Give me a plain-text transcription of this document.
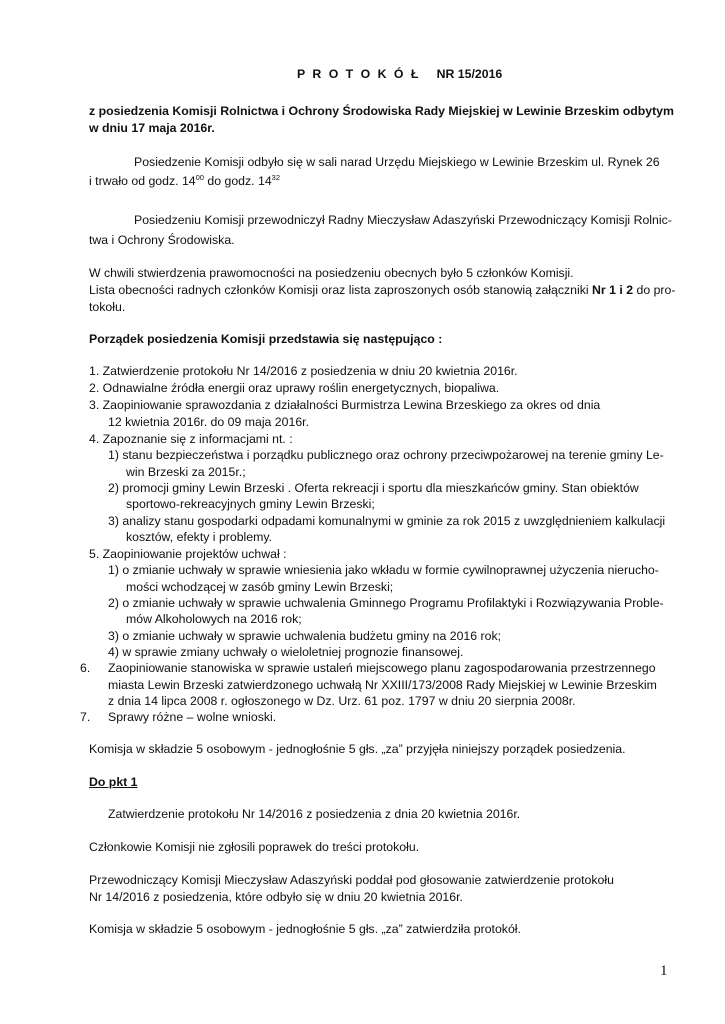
P R O T O K Ó Ł NR 15/2016
z posiedzenia Komisji Rolnictwa i Ochrony Środowiska Rady Miejskiej w Lewinie Brzeskim odbytym
w dniu 17 maja 2016r.
Posiedzenie Komisji odbyło się w sali narad Urzędu Miejskiego w Lewinie Brzeskim ul. Rynek 26
i trwało od godz. $14^{00}$ do godz. $14^{32}$
Posiedzeniu Komisji przewodniczył Radny Mieczysław Adaszyński Przewodniczący Komisji Rolnic-
twa i Ochrony Środowiska.
W chwili stwierdzenia prawomocności na posiedzeniu obecnych było 5 członków Komisji.
Lista obecności radnych członków Komisji oraz lista zaproszonych osób stanowią załączniki Nr 1 i 2 do pro-
tokołu.
Porządek posiedzenia Komisji przedstawia się następująco :
1. Zatwierdzenie protokołu Nr 14/2016 z posiedzenia w dniu 20 kwietnia 2016r.
2. Odnawialne źródła energii oraz uprawy roślin energetycznych, biopaliwa.
3. Zaopiniowanie sprawozdania z działalności Burmistrza Lewina Brzeskiego za okres od dnia
12 kwietnia 2016r. do 09 maja 2016r.
4. Zapoznanie się z informacjami nt. :
1) stanu bezpieczeństwa i porządku publicznego oraz ochrony przeciwpożarowej na terenie gminy Le-
win Brzeski za 2015r.;
2) promocji gminy Lewin Brzeski . Oferta rekreacji i sportu dla mieszkańców gminy. Stan obiektów
sportowo-rekreacyjnych gminy Lewin Brzeski;
3) analizy stanu gospodarki odpadami komunalnymi w gminie za rok 2015 z uwzględnieniem kalkulacji
kosztów, efekty i problemy.
5. Zaopiniowanie projektów uchwał :
1) o zmianie uchwały w sprawie wniesienia jako wkładu w formie cywilnoprawnej użyczenia nierucho-
mości wchodzącej w zasób gminy Lewin Brzeski;
2) o zmianie uchwały w sprawie uchwalenia Gminnego Programu Profilaktyki i Rozwiązywania Proble-
mów Alkoholowych na 2016 rok;
3) o zmianie uchwały w sprawie uchwalenia budżetu gminy na 2016 rok;
4) w sprawie zmiany uchwały o wieloletniej prognozie finansowej.
6. Zaopiniowanie stanowiska w sprawie ustaleń miejscowego planu zagospodarowania przestrzennego
miasta Lewin Brzeski zatwierdzonego uchwałą Nr XXIII/173/2008 Rady Miejskiej w Lewinie Brzeskim
z dnia 14 lipca 2008 r. ogłoszonego w Dz. Urz. 61 poz. 1797 w dniu 20 sierpnia 2008r.
7. Sprawy różne – wolne wnioski.
Komisja w składzie 5 osobowym - jednogłośnie 5 głs. „za” przyjęła niniejszy porządek posiedzenia.
Do pkt 1
Zatwierdzenie protokołu Nr 14/2016 z posiedzenia z dnia 20 kwietnia 2016r.
Członkowie Komisji nie zgłosili poprawek do treści protokołu.
Przewodniczący Komisji Mieczysław Adaszyński poddał pod głosowanie zatwierdzenie protokołu
Nr 14/2016 z posiedzenia, które odbyło się w dniu 20 kwietnia 2016r.
Komisja w składzie 5 osobowym - jednogłośnie 5 głs. „za” zatwierdziła protokół.
1
